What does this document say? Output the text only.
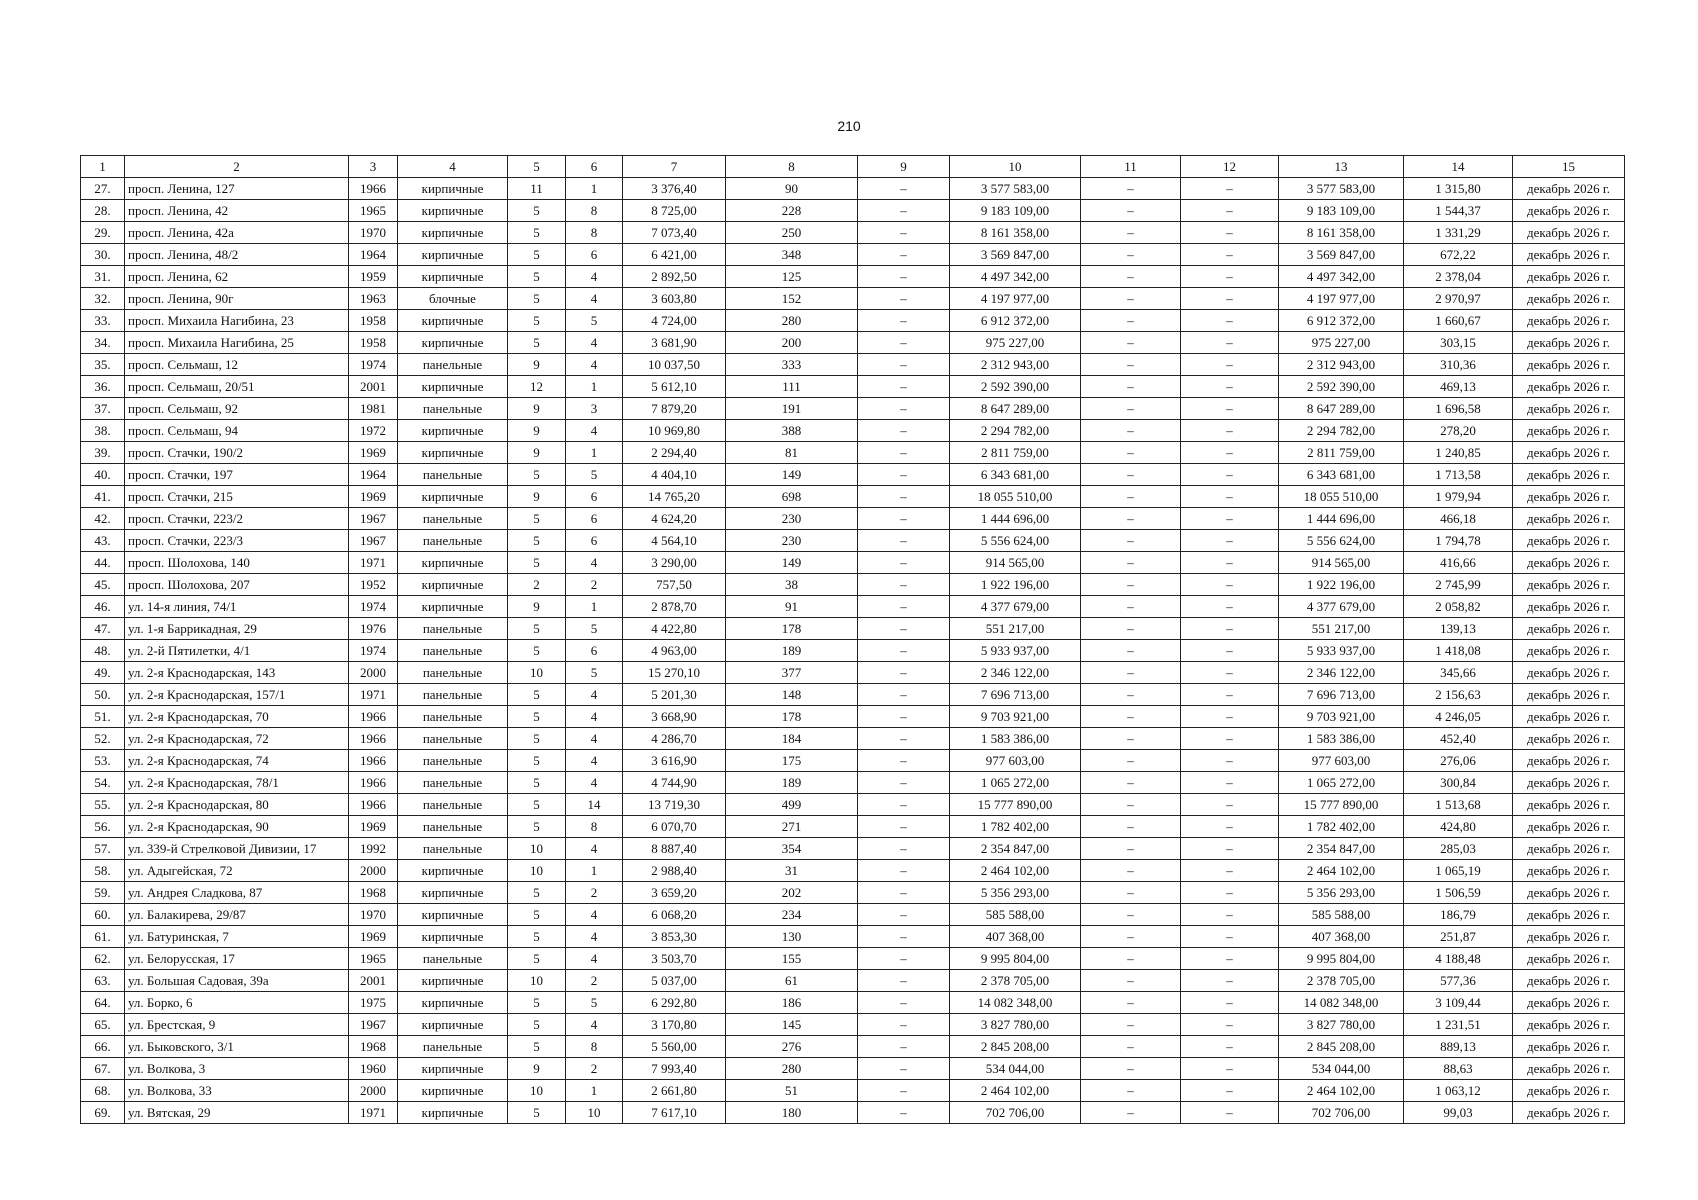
210
1	2	3	4	5	6	7	8	9	10	11	12	13	14	15
27.	просп. Ленина, 127	1966	кирпичные	11	1	3 376,40	90	–	3 577 583,00	–	–	3 577 583,00	1 315,80	декабрь 2026 г.
28.	просп. Ленина, 42	1965	кирпичные	5	8	8 725,00	228	–	9 183 109,00	–	–	9 183 109,00	1 544,37	декабрь 2026 г.
29.	просп. Ленина, 42а	1970	кирпичные	5	8	7 073,40	250	–	8 161 358,00	–	–	8 161 358,00	1 331,29	декабрь 2026 г.
30.	просп. Ленина, 48/2	1964	кирпичные	5	6	6 421,00	348	–	3 569 847,00	–	–	3 569 847,00	672,22	декабрь 2026 г.
31.	просп. Ленина, 62	1959	кирпичные	5	4	2 892,50	125	–	4 497 342,00	–	–	4 497 342,00	2 378,04	декабрь 2026 г.
32.	просп. Ленина, 90г	1963	блочные	5	4	3 603,80	152	–	4 197 977,00	–	–	4 197 977,00	2 970,97	декабрь 2026 г.
33.	просп. Михаила Нагибина, 23	1958	кирпичные	5	5	4 724,00	280	–	6 912 372,00	–	–	6 912 372,00	1 660,67	декабрь 2026 г.
34.	просп. Михаила Нагибина, 25	1958	кирпичные	5	4	3 681,90	200	–	975 227,00	–	–	975 227,00	303,15	декабрь 2026 г.
35.	просп. Сельмаш, 12	1974	панельные	9	4	10 037,50	333	–	2 312 943,00	–	–	2 312 943,00	310,36	декабрь 2026 г.
36.	просп. Сельмаш, 20/51	2001	кирпичные	12	1	5 612,10	111	–	2 592 390,00	–	–	2 592 390,00	469,13	декабрь 2026 г.
37.	просп. Сельмаш, 92	1981	панельные	9	3	7 879,20	191	–	8 647 289,00	–	–	8 647 289,00	1 696,58	декабрь 2026 г.
38.	просп. Сельмаш, 94	1972	кирпичные	9	4	10 969,80	388	–	2 294 782,00	–	–	2 294 782,00	278,20	декабрь 2026 г.
39.	просп. Стачки, 190/2	1969	кирпичные	9	1	2 294,40	81	–	2 811 759,00	–	–	2 811 759,00	1 240,85	декабрь 2026 г.
40.	просп. Стачки, 197	1964	панельные	5	5	4 404,10	149	–	6 343 681,00	–	–	6 343 681,00	1 713,58	декабрь 2026 г.
41.	просп. Стачки, 215	1969	кирпичные	9	6	14 765,20	698	–	18 055 510,00	–	–	18 055 510,00	1 979,94	декабрь 2026 г.
42.	просп. Стачки, 223/2	1967	панельные	5	6	4 624,20	230	–	1 444 696,00	–	–	1 444 696,00	466,18	декабрь 2026 г.
43.	просп. Стачки, 223/3	1967	панельные	5	6	4 564,10	230	–	5 556 624,00	–	–	5 556 624,00	1 794,78	декабрь 2026 г.
44.	просп. Шолохова, 140	1971	кирпичные	5	4	3 290,00	149	–	914 565,00	–	–	914 565,00	416,66	декабрь 2026 г.
45.	просп. Шолохова, 207	1952	кирпичные	2	2	757,50	38	–	1 922 196,00	–	–	1 922 196,00	2 745,99	декабрь 2026 г.
46.	ул. 14-я линия, 74/1	1974	кирпичные	9	1	2 878,70	91	–	4 377 679,00	–	–	4 377 679,00	2 058,82	декабрь 2026 г.
47.	ул. 1-я Баррикадная, 29	1976	панельные	5	5	4 422,80	178	–	551 217,00	–	–	551 217,00	139,13	декабрь 2026 г.
48.	ул. 2-й Пятилетки, 4/1	1974	панельные	5	6	4 963,00	189	–	5 933 937,00	–	–	5 933 937,00	1 418,08	декабрь 2026 г.
49.	ул. 2-я Краснодарская, 143	2000	панельные	10	5	15 270,10	377	–	2 346 122,00	–	–	2 346 122,00	345,66	декабрь 2026 г.
50.	ул. 2-я Краснодарская, 157/1	1971	панельные	5	4	5 201,30	148	–	7 696 713,00	–	–	7 696 713,00	2 156,63	декабрь 2026 г.
51.	ул. 2-я Краснодарская, 70	1966	панельные	5	4	3 668,90	178	–	9 703 921,00	–	–	9 703 921,00	4 246,05	декабрь 2026 г.
52.	ул. 2-я Краснодарская, 72	1966	панельные	5	4	4 286,70	184	–	1 583 386,00	–	–	1 583 386,00	452,40	декабрь 2026 г.
53.	ул. 2-я Краснодарская, 74	1966	панельные	5	4	3 616,90	175	–	977 603,00	–	–	977 603,00	276,06	декабрь 2026 г.
54.	ул. 2-я Краснодарская, 78/1	1966	панельные	5	4	4 744,90	189	–	1 065 272,00	–	–	1 065 272,00	300,84	декабрь 2026 г.
55.	ул. 2-я Краснодарская, 80	1966	панельные	5	14	13 719,30	499	–	15 777 890,00	–	–	15 777 890,00	1 513,68	декабрь 2026 г.
56.	ул. 2-я Краснодарская, 90	1969	панельные	5	8	6 070,70	271	–	1 782 402,00	–	–	1 782 402,00	424,80	декабрь 2026 г.
57.	ул. 339-й Стрелковой Дивизии, 17	1992	панельные	10	4	8 887,40	354	–	2 354 847,00	–	–	2 354 847,00	285,03	декабрь 2026 г.
58.	ул. Адыгейская, 72	2000	кирпичные	10	1	2 988,40	31	–	2 464 102,00	–	–	2 464 102,00	1 065,19	декабрь 2026 г.
59.	ул. Андрея Сладкова, 87	1968	кирпичные	5	2	3 659,20	202	–	5 356 293,00	–	–	5 356 293,00	1 506,59	декабрь 2026 г.
60.	ул. Балакирева, 29/87	1970	кирпичные	5	4	6 068,20	234	–	585 588,00	–	–	585 588,00	186,79	декабрь 2026 г.
61.	ул. Батуринская, 7	1969	кирпичные	5	4	3 853,30	130	–	407 368,00	–	–	407 368,00	251,87	декабрь 2026 г.
62.	ул. Белорусская, 17	1965	панельные	5	4	3 503,70	155	–	9 995 804,00	–	–	9 995 804,00	4 188,48	декабрь 2026 г.
63.	ул. Большая Садовая, 39а	2001	кирпичные	10	2	5 037,00	61	–	2 378 705,00	–	–	2 378 705,00	577,36	декабрь 2026 г.
64.	ул. Борко, 6	1975	кирпичные	5	5	6 292,80	186	–	14 082 348,00	–	–	14 082 348,00	3 109,44	декабрь 2026 г.
65.	ул. Брестская, 9	1967	кирпичные	5	4	3 170,80	145	–	3 827 780,00	–	–	3 827 780,00	1 231,51	декабрь 2026 г.
66.	ул. Быковского, 3/1	1968	панельные	5	8	5 560,00	276	–	2 845 208,00	–	–	2 845 208,00	889,13	декабрь 2026 г.
67.	ул. Волкова, 3	1960	кирпичные	9	2	7 993,40	280	–	534 044,00	–	–	534 044,00	88,63	декабрь 2026 г.
68.	ул. Волкова, 33	2000	кирпичные	10	1	2 661,80	51	–	2 464 102,00	–	–	2 464 102,00	1 063,12	декабрь 2026 г.
69.	ул. Вятская, 29	1971	кирпичные	5	10	7 617,10	180	–	702 706,00	–	–	702 706,00	99,03	декабрь 2026 г.
